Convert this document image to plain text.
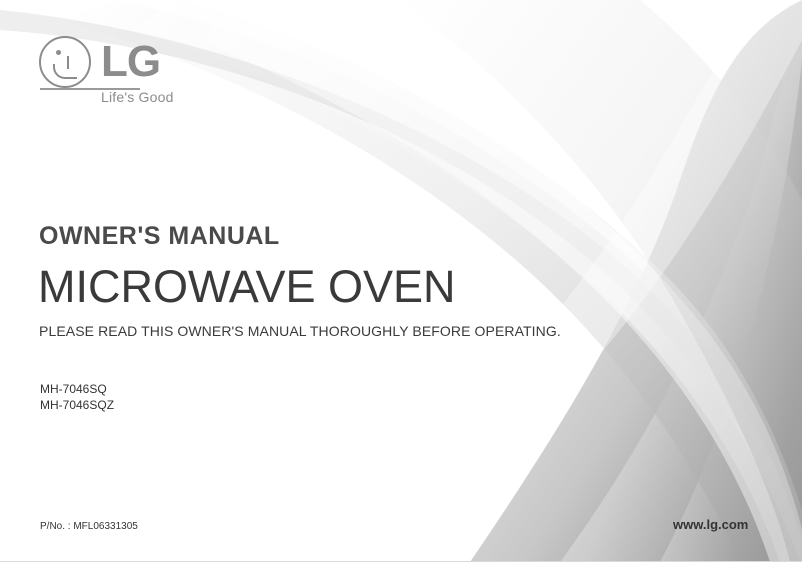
LG
Life's Good
OWNER'S MANUAL
MICROWAVE OVEN
PLEASE READ THIS OWNER'S MANUAL THOROUGHLY BEFORE OPERATING.
MH-7046SQ
MH-7046SQZ
P/No. : MFL06331305	www.lg.com
